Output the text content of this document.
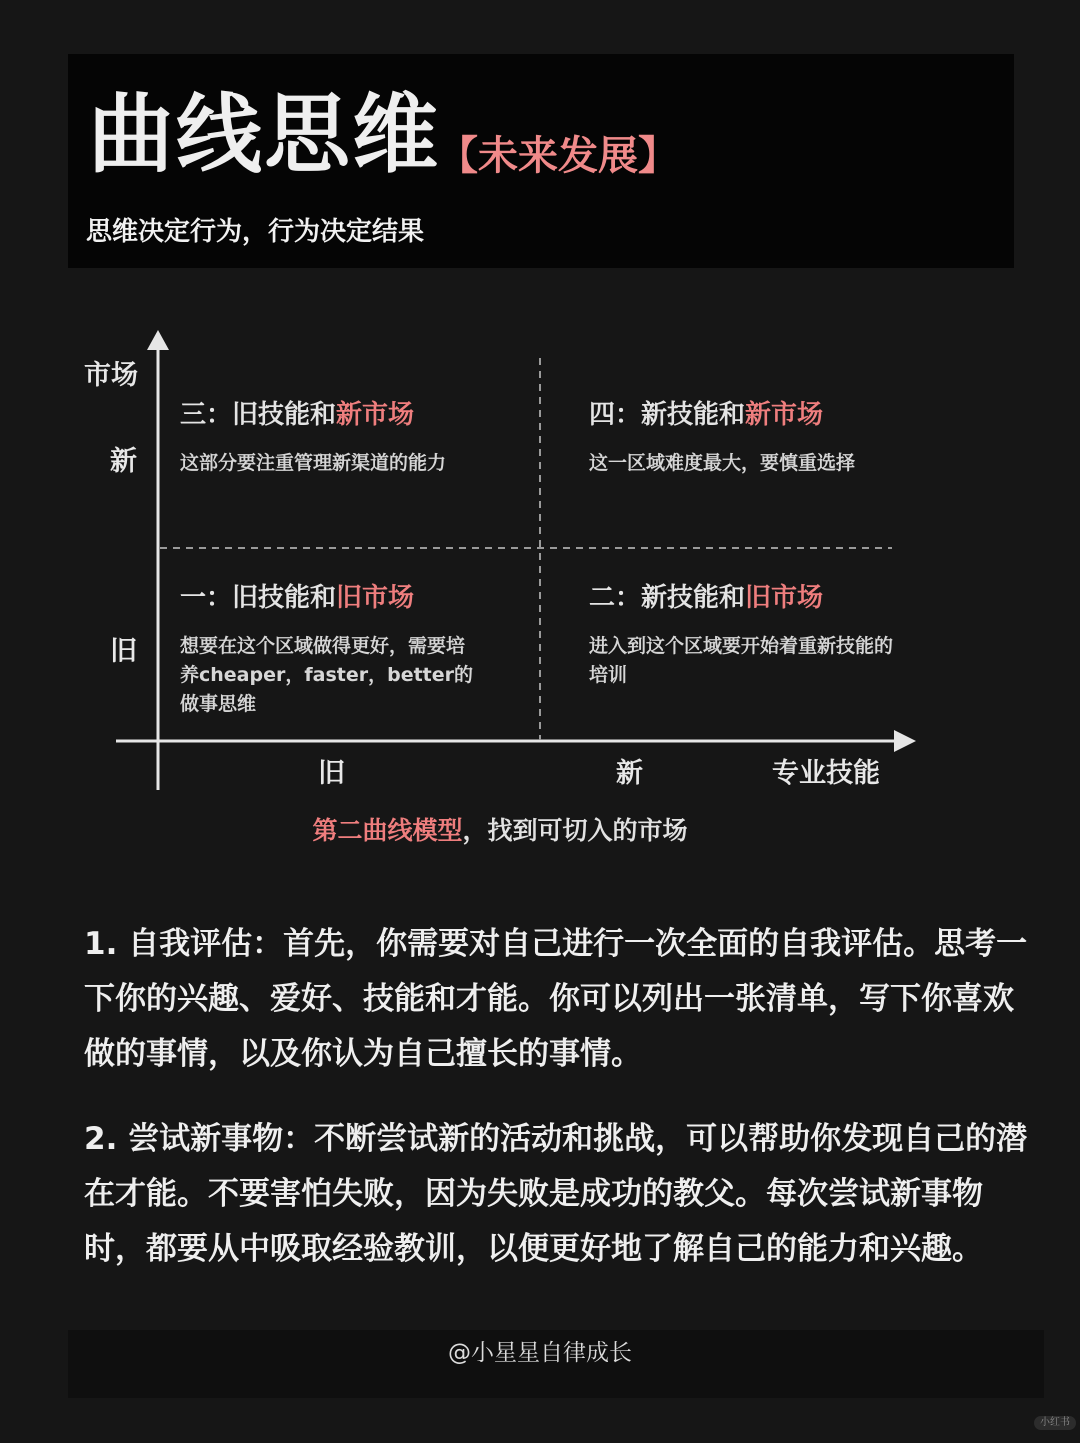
曲线思维
【未来发展】
思维决定行为，行为决定结果
市场
新
旧
旧	新	专业技能
三：旧技能和新市场
这部分要注重管理新渠道的能力
四：新技能和新市场
这一区域难度最大，要慎重选择
一：旧技能和旧市场
想要在这个区域做得更好，需要培养cheaper，faster，better的做事思维
二：新技能和旧市场
进入到这个区域要开始着重新技能的培训
第二曲线模型，找到可切入的市场

1. 自我评估：首先，你需要对自己进行一次全面的自我评估。思考一下你的兴趣、爱好、技能和才能。你可以列出一张清单，写下你喜欢做的事情，以及你认为自己擅长的事情。

2. 尝试新事物：不断尝试新的活动和挑战，可以帮助你发现自己的潜在才能。不要害怕失败，因为失败是成功的教父。每次尝试新事物时，都要从中吸取经验教训，以便更好地了解自己的能力和兴趣。

@小星星自律成长
小红书
